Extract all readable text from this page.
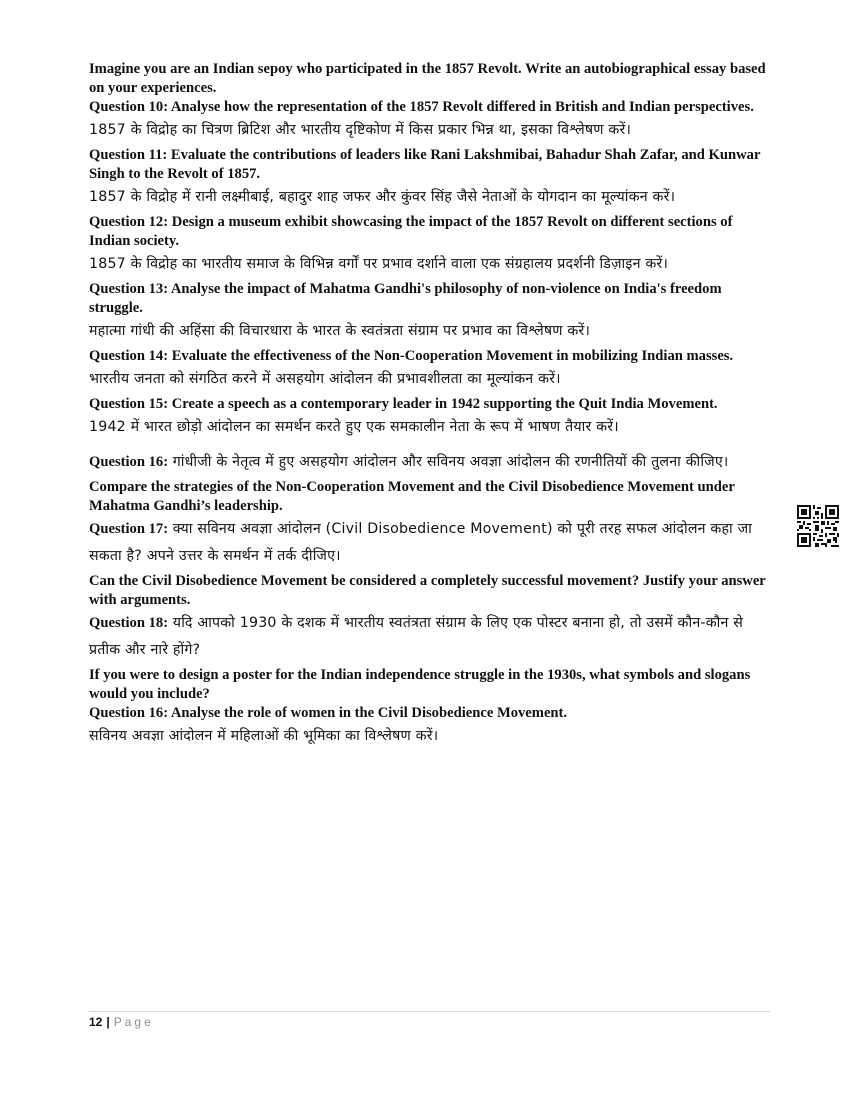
Imagine you are an Indian sepoy who participated in the 1857 Revolt. Write an autobiographical essay based on your experiences.

Question 10: Analyse how the representation of the 1857 Revolt differed in British and Indian perspectives.

1857 के विद्रोह का चित्रण ब्रिटिश और भारतीय दृष्टिकोण में किस प्रकार भिन्न था, इसका विश्लेषण करें।

Question 11: Evaluate the contributions of leaders like Rani Lakshmibai, Bahadur Shah Zafar, and Kunwar Singh to the Revolt of 1857.

1857 के विद्रोह में रानी लक्ष्मीबाई, बहादुर शाह जफर और कुंवर सिंह जैसे नेताओं के योगदान का मूल्यांकन करें।

Question 12: Design a museum exhibit showcasing the impact of the 1857 Revolt on different sections of Indian society.

1857 के विद्रोह का भारतीय समाज के विभिन्न वर्गों पर प्रभाव दर्शाने वाला एक संग्रहालय प्रदर्शनी डिज़ाइन करें।

Question 13: Analyse the impact of Mahatma Gandhi's philosophy of non-violence on India's freedom struggle.

महात्मा गांधी की अहिंसा की विचारधारा के भारत के स्वतंत्रता संग्राम पर प्रभाव का विश्लेषण करें।

Question 14: Evaluate the effectiveness of the Non-Cooperation Movement in mobilizing Indian masses.

भारतीय जनता को संगठित करने में असहयोग आंदोलन की प्रभावशीलता का मूल्यांकन करें।

Question 15: Create a speech as a contemporary leader in 1942 supporting the Quit India Movement.

1942 में भारत छोड़ो आंदोलन का समर्थन करते हुए एक समकालीन नेता के रूप में भाषण तैयार करें।

Question 16: गांधीजी के नेतृत्व में हुए असहयोग आंदोलन और सविनय अवज्ञा आंदोलन की रणनीतियों की तुलना कीजिए।

Compare the strategies of the Non-Cooperation Movement and the Civil Disobedience Movement under Mahatma Gandhi’s leadership.

Question 17: क्या सविनय अवज्ञा आंदोलन (Civil Disobedience Movement) को पूरी तरह सफल आंदोलन कहा जा सकता है? अपने उत्तर के समर्थन में तर्क दीजिए।

Can the Civil Disobedience Movement be considered a completely successful movement? Justify your answer with arguments.

Question 18: यदि आपको 1930 के दशक में भारतीय स्वतंत्रता संग्राम के लिए एक पोस्टर बनाना हो, तो उसमें कौन-कौन से प्रतीक और नारे होंगे?

If you were to design a poster for the Indian independence struggle in the 1930s, what symbols and slogans would you include?

Question 16: Analyse the role of women in the Civil Disobedience Movement.

सविनय अवज्ञा आंदोलन में महिलाओं की भूमिका का विश्लेषण करें।

12 | Page
